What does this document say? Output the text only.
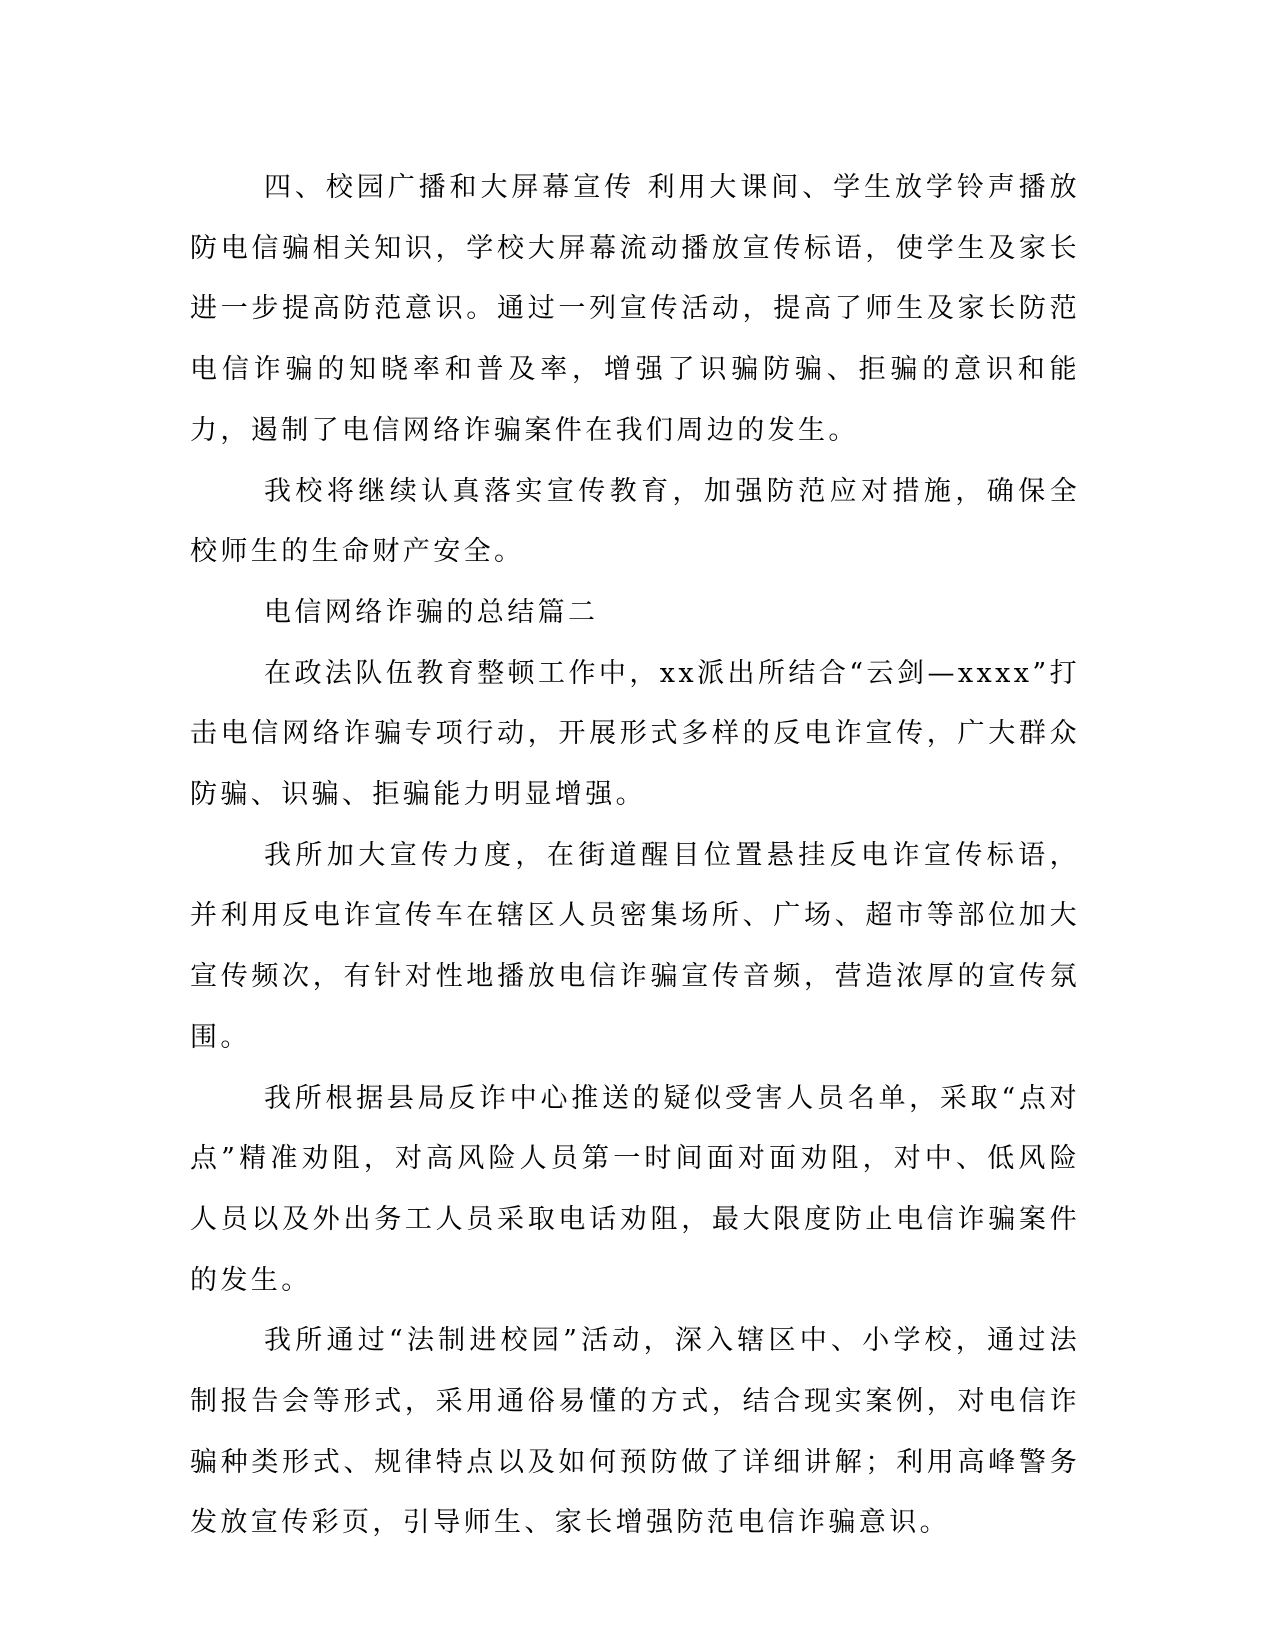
四、校园广播和大屏幕宣传 利用大课间、学生放学铃声播放防电信骗相关知识，学校大屏幕流动播放宣传标语，使学生及家长进一步提高防范意识。通过一列宣传活动，提高了师生及家长防范电信诈骗的知晓率和普及率，增强了识骗防骗、拒骗的意识和能力，遏制了电信网络诈骗案件在我们周边的发生。

我校将继续认真落实宣传教育，加强防范应对措施，确保全校师生的生命财产安全。

电信网络诈骗的总结篇二

在政法队伍教育整顿工作中，xx派出所结合“云剑—xxxx”打击电信网络诈骗专项行动，开展形式多样的反电诈宣传，广大群众防骗、识骗、拒骗能力明显增强。

我所加大宣传力度，在街道醒目位置悬挂反电诈宣传标语，并利用反电诈宣传车在辖区人员密集场所、广场、超市等部位加大宣传频次，有针对性地播放电信诈骗宣传音频，营造浓厚的宣传氛围。

我所根据县局反诈中心推送的疑似受害人员名单，采取“点对点”精准劝阻，对高风险人员第一时间面对面劝阻，对中、低风险人员以及外出务工人员采取电话劝阻，最大限度防止电信诈骗案件的发生。

我所通过“法制进校园”活动，深入辖区中、小学校，通过法制报告会等形式，采用通俗易懂的方式，结合现实案例，对电信诈骗种类形式、规律特点以及如何预防做了详细讲解；利用高峰警务发放宣传彩页，引导师生、家长增强防范电信诈骗意识。
